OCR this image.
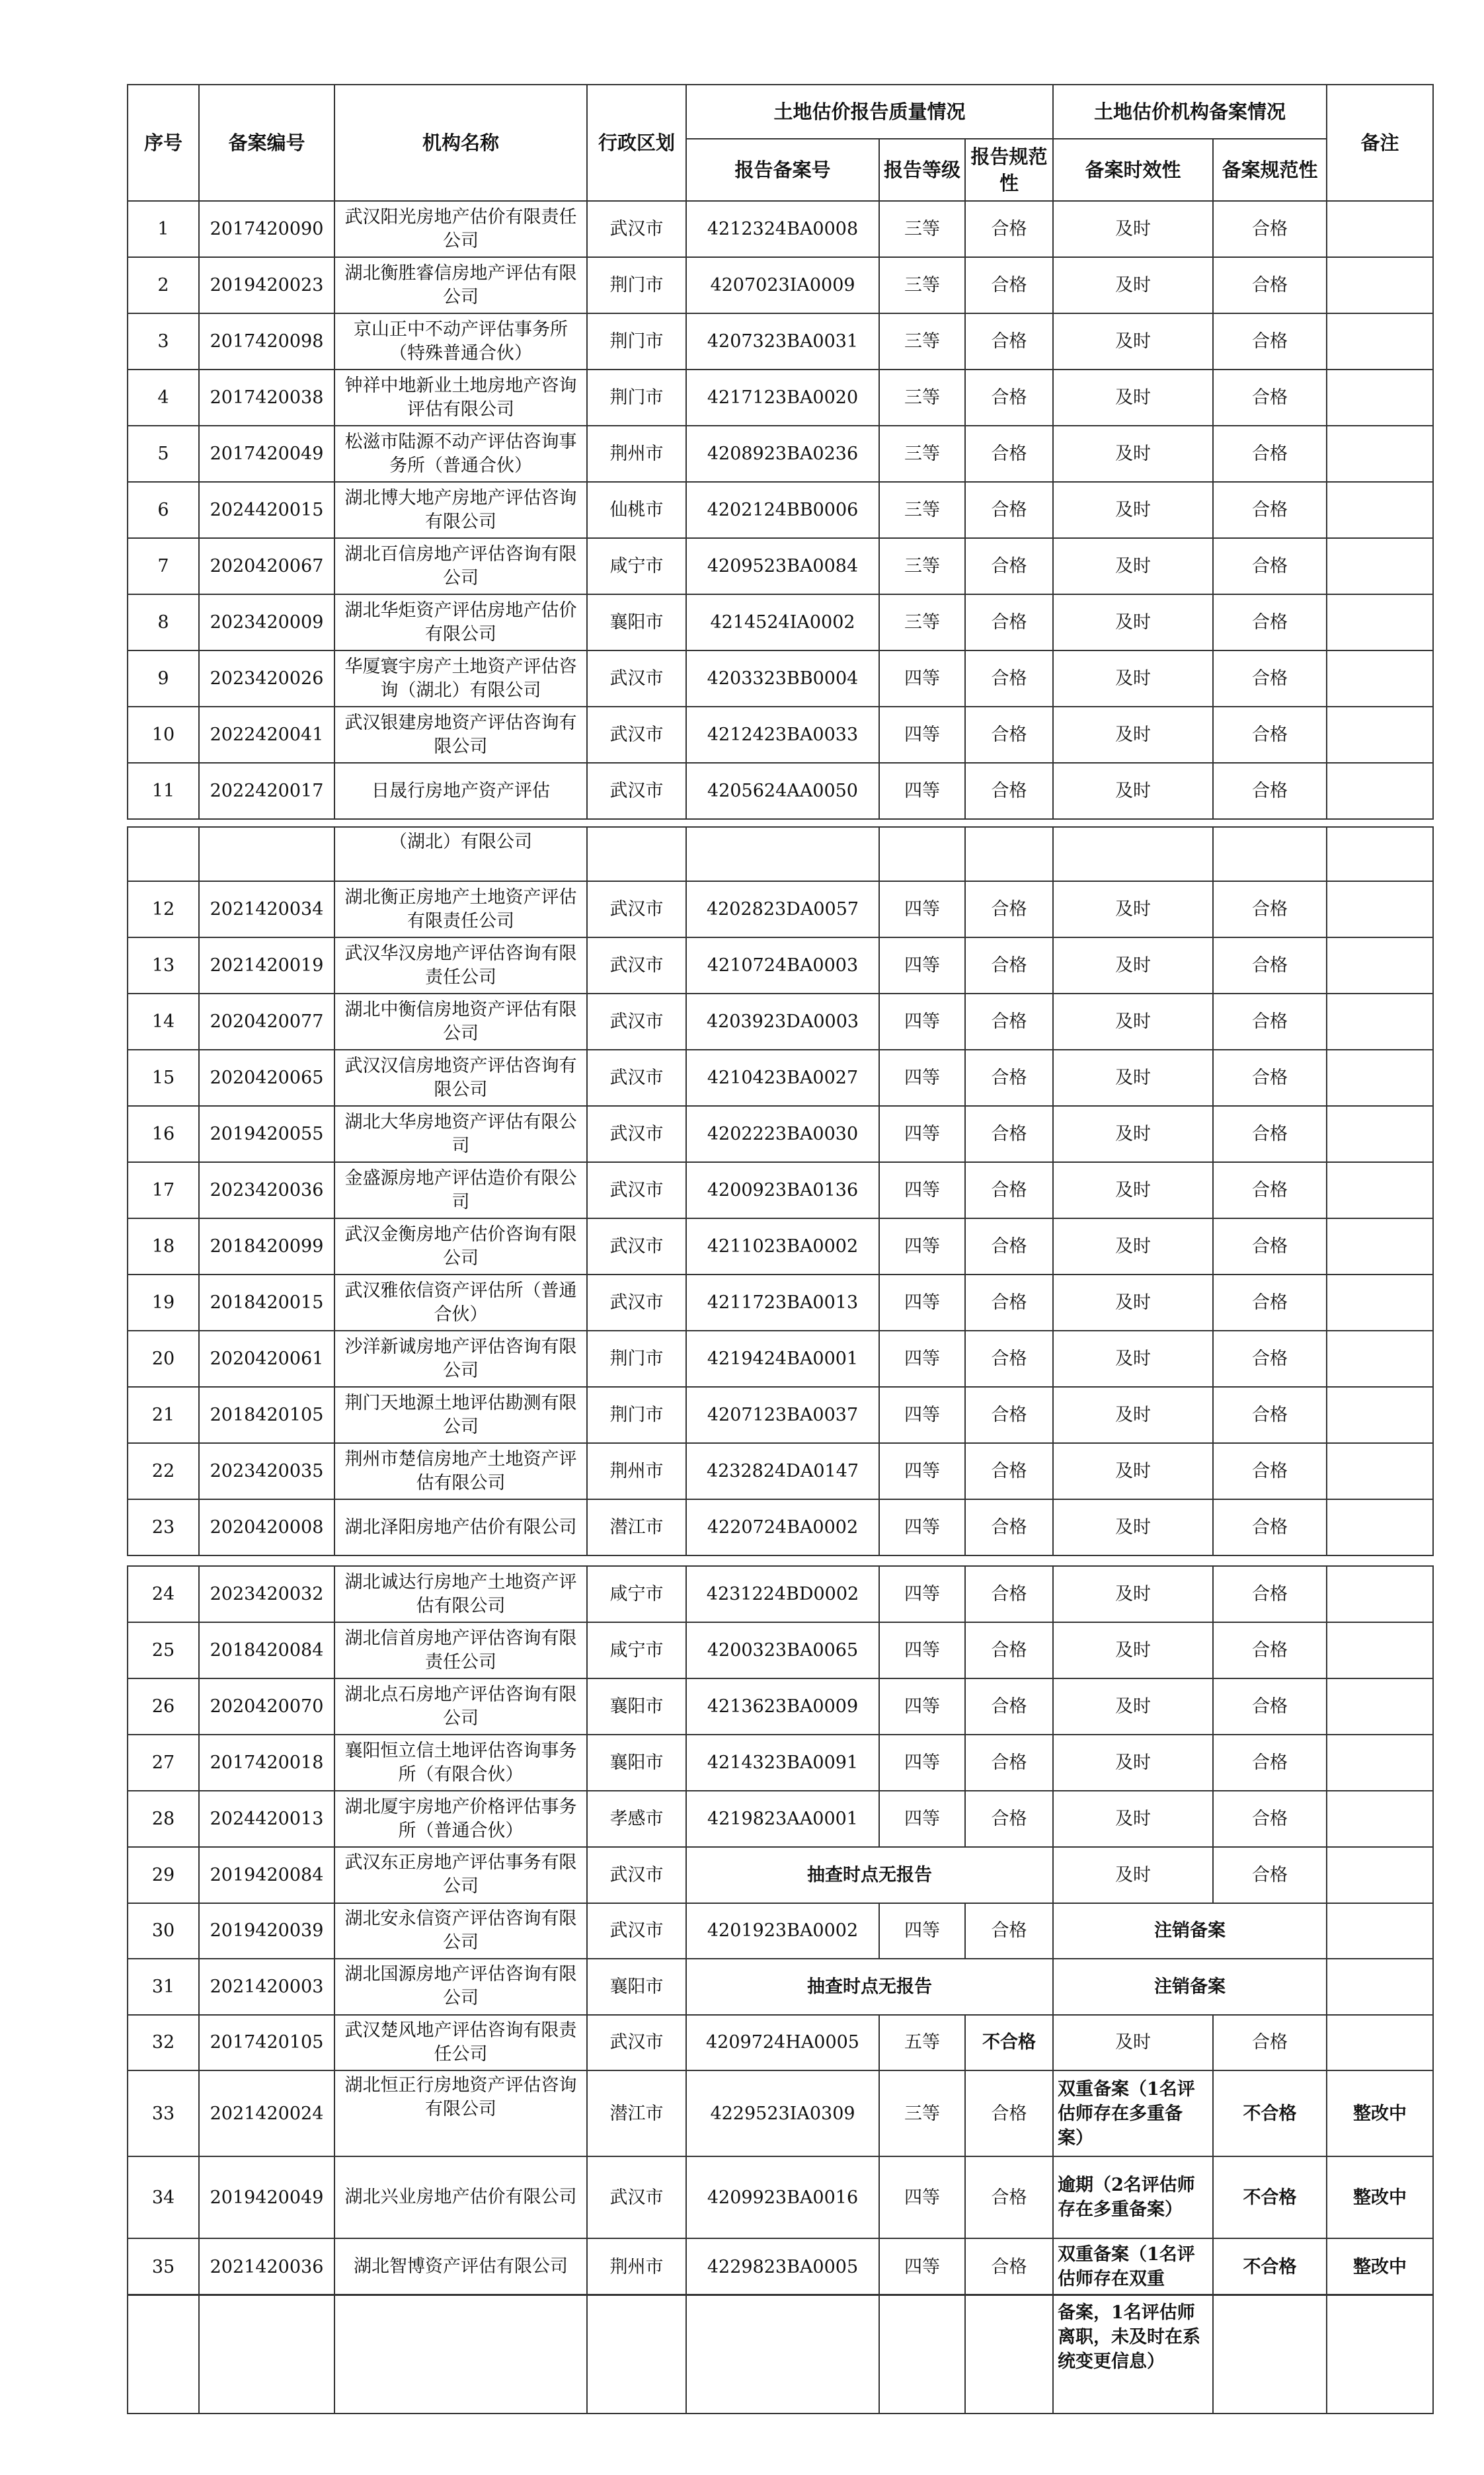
序号	备案编号	机构名称	行政区划	土地估价报告质量情况			土地估价机构备案情况		备注
				报告备案号	报告等级	报告规范性	备案时效性	备案规范性	
1	2017420090	武汉阳光房地产估价有限责任公司	武汉市	4212324BA0008	三等	合格	及时	合格	
2	2019420023	湖北衡胜睿信房地产评估有限公司	荆门市	4207023IA0009	三等	合格	及时	合格	
3	2017420098	京山正中不动产评估事务所（特殊普通合伙）	荆门市	4207323BA0031	三等	合格	及时	合格	
4	2017420038	钟祥中地新业土地房地产咨询评估有限公司	荆门市	4217123BA0020	三等	合格	及时	合格	
5	2017420049	松滋市陆源不动产评估咨询事务所（普通合伙）	荆州市	4208923BA0236	三等	合格	及时	合格	
6	2024420015	湖北博大地产房地产评估咨询有限公司	仙桃市	4202124BB0006	三等	合格	及时	合格	
7	2020420067	湖北百信房地产评估咨询有限公司	咸宁市	4209523BA0084	三等	合格	及时	合格	
8	2023420009	湖北华炬资产评估房地产估价有限公司	襄阳市	4214524IA0002	三等	合格	及时	合格	
9	2023420026	华厦寰宇房产土地资产评估咨询（湖北）有限公司	武汉市	4203323BB0004	四等	合格	及时	合格	
10	2022420041	武汉银建房地资产评估咨询有限公司	武汉市	4212423BA0033	四等	合格	及时	合格	
11	2022420017	日晟行房地产资产评估	武汉市	4205624AA0050	四等	合格	及时	合格	
		（湖北）有限公司							
12	2021420034	湖北衡正房地产土地资产评估有限责任公司	武汉市	4202823DA0057	四等	合格	及时	合格	
13	2021420019	武汉华汉房地产评估咨询有限责任公司	武汉市	4210724BA0003	四等	合格	及时	合格	
14	2020420077	湖北中衡信房地资产评估有限公司	武汉市	4203923DA0003	四等	合格	及时	合格	
15	2020420065	武汉汉信房地资产评估咨询有限公司	武汉市	4210423BA0027	四等	合格	及时	合格	
16	2019420055	湖北大华房地资产评估有限公司	武汉市	4202223BA0030	四等	合格	及时	合格	
17	2023420036	金盛源房地产评估造价有限公司	武汉市	4200923BA0136	四等	合格	及时	合格	
18	2018420099	武汉金衡房地产估价咨询有限公司	武汉市	4211023BA0002	四等	合格	及时	合格	
19	2018420015	武汉雅依信资产评估所（普通合伙）	武汉市	4211723BA0013	四等	合格	及时	合格	
20	2020420061	沙洋新诚房地产评估咨询有限公司	荆门市	4219424BA0001	四等	合格	及时	合格	
21	2018420105	荆门天地源土地评估勘测有限公司	荆门市	4207123BA0037	四等	合格	及时	合格	
22	2023420035	荆州市楚信房地产土地资产评估有限公司	荆州市	4232824DA0147	四等	合格	及时	合格	
23	2020420008	湖北泽阳房地产估价有限公司	潜江市	4220724BA0002	四等	合格	及时	合格	
24	2023420032	湖北诚达行房地产土地资产评估有限公司	咸宁市	4231224BD0002	四等	合格	及时	合格	
25	2018420084	湖北信首房地产评估咨询有限责任公司	咸宁市	4200323BA0065	四等	合格	及时	合格	
26	2020420070	湖北点石房地产评估咨询有限公司	襄阳市	4213623BA0009	四等	合格	及时	合格	
27	2017420018	襄阳恒立信土地评估咨询事务所（有限合伙）	襄阳市	4214323BA0091	四等	合格	及时	合格	
28	2024420013	湖北厦宇房地产价格评估事务所（普通合伙）	孝感市	4219823AA0001	四等	合格	及时	合格	
29	2019420084	武汉东正房地产评估事务有限公司	武汉市	抽查时点无报告			及时	合格	
30	2019420039	湖北安永信资产评估咨询有限公司	武汉市	4201923BA0002	四等	合格	注销备案		
31	2021420003	湖北国源房地产评估咨询有限公司	襄阳市	抽查时点无报告			注销备案		
32	2017420105	武汉楚风地产评估咨询有限责任公司	武汉市	4209724HA0005	五等	不合格	及时	合格	
33	2021420024	湖北恒正行房地资产评估咨询有限公司	潜江市	4229523IA0309	三等	合格	双重备案（1名评估师存在多重备案）	不合格	整改中
34	2019420049	湖北兴业房地产估价有限公司	武汉市	4209923BA0016	四等	合格	逾期（2名评估师存在多重备案）	不合格	整改中
35	2021420036	湖北智博资产评估有限公司	荆州市	4229823BA0005	四等	合格	双重备案（1名评估师存在双重	不合格	整改中
							备案，1名评估师离职，未及时在系统变更信息）		
